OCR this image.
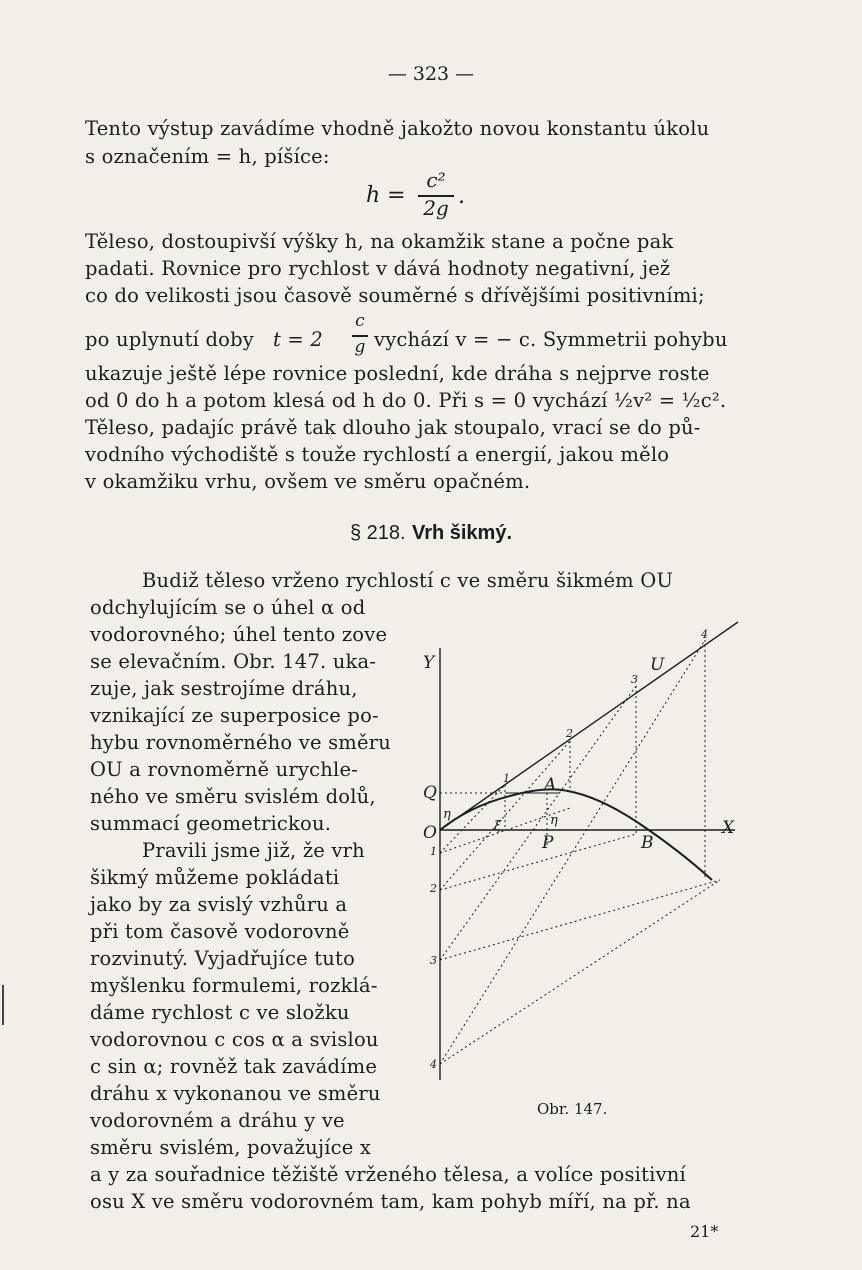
— 323 —
Tento výstup zavádíme vhodně jakožto novou konstantu úkolu
s označením = h, píšíce:
h =
c²
2g .
Těleso, dostoupivší výšky h, na okamžik stane a počne pak
padati. Rovnice pro rychlost v dává hodnoty negativní, jež
co do velikosti jsou časově souměrné s dřívějšími positivními;
po uplynutí doby t = 2
c
g vychází v = − c. Symmetrii pohybu
ukazuje ještě lépe rovnice poslední, kde dráha s nejprve roste
od 0 do h a potom klesá od h do 0. Při s = 0 vychází ½v² = ½c².
Těleso, padajíc právě tak dlouho jak stoupalo, vrací se do pů-
vodního východiště s touže rychlostí a energií, jakou mělo
v okamžiku vrhu, ovšem ve směru opačném.
§ 218. Vrh šikmý.
Budiž těleso vrženo rychlostí c ve směru šikmém OU
odchylujícím se o úhel α od
vodorovného; úhel tento zove
se elevačním. Obr. 147. uka-
zuje, jak sestrojíme dráhu,
vznikající ze superposice po-
hybu rovnoměrného ve směru
OU a rovnoměrně urychle-
ného ve směru svislém dolů,
summací geometrickou.
Pravili jsme již, že vrh
šikmý můžeme pokládati
jako by za svislý vzhůru a
při tom časově vodorovně
rozvinutý. Vyjadřujíce tuto
myšlenku formulemi, rozklá-
dáme rychlost c ve složku
vodorovnou c cos α a svislou
c sin α; rovněž tak zavádíme
dráhu x vykonanou ve směru
vodorovném a dráhu y ve
směru svislém, považujíce x
Y	U
X
O
Q	A
P	B
η
ξ	η
1
2
3
4
1
2
3
4
Obr. 147.
a y za souřadnice těžiště vrženého tělesa, a volíce positivní
osu X ve směru vodorovném tam, kam pohyb míří, na př. na
21*
